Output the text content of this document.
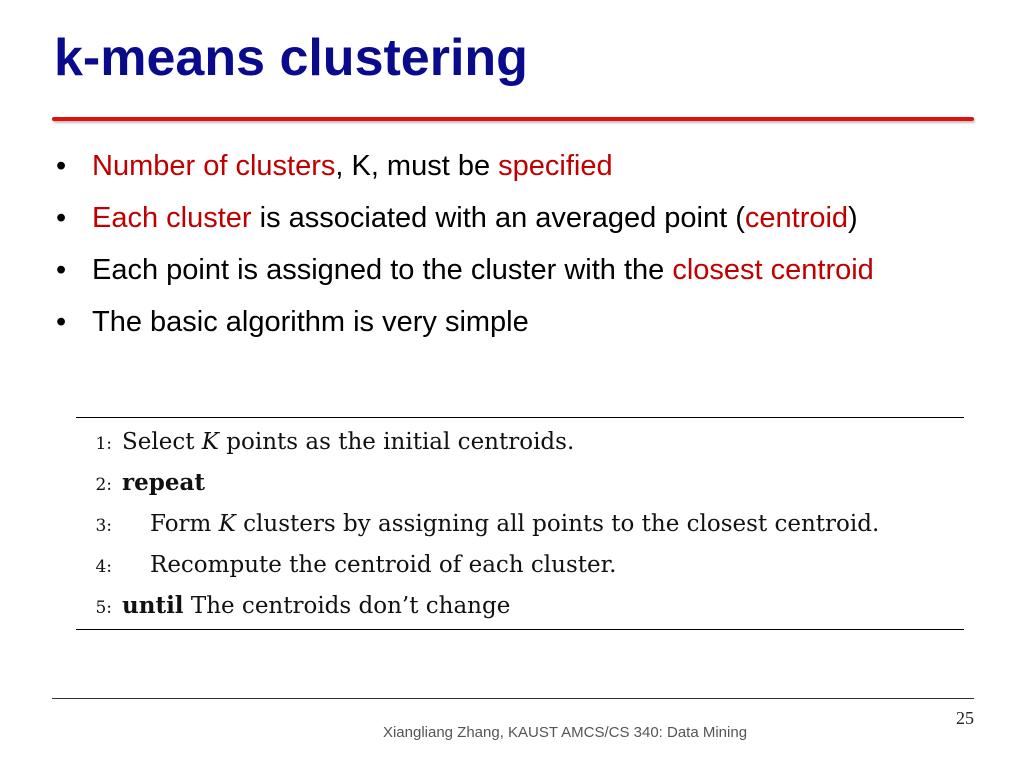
k-means clustering
• Number of clusters, K, must be specified
• Each cluster is associated with an averaged point (centroid)
• Each point is assigned to the cluster with the closest centroid
• The basic algorithm is very simple
1: Select K points as the initial centroids.
2: repeat
3: Form K clusters by assigning all points to the closest centroid.
4: Recompute the centroid of each cluster.
5: until The centroids don’t change
25
Xiangliang Zhang, KAUST AMCS/CS 340: Data Mining
